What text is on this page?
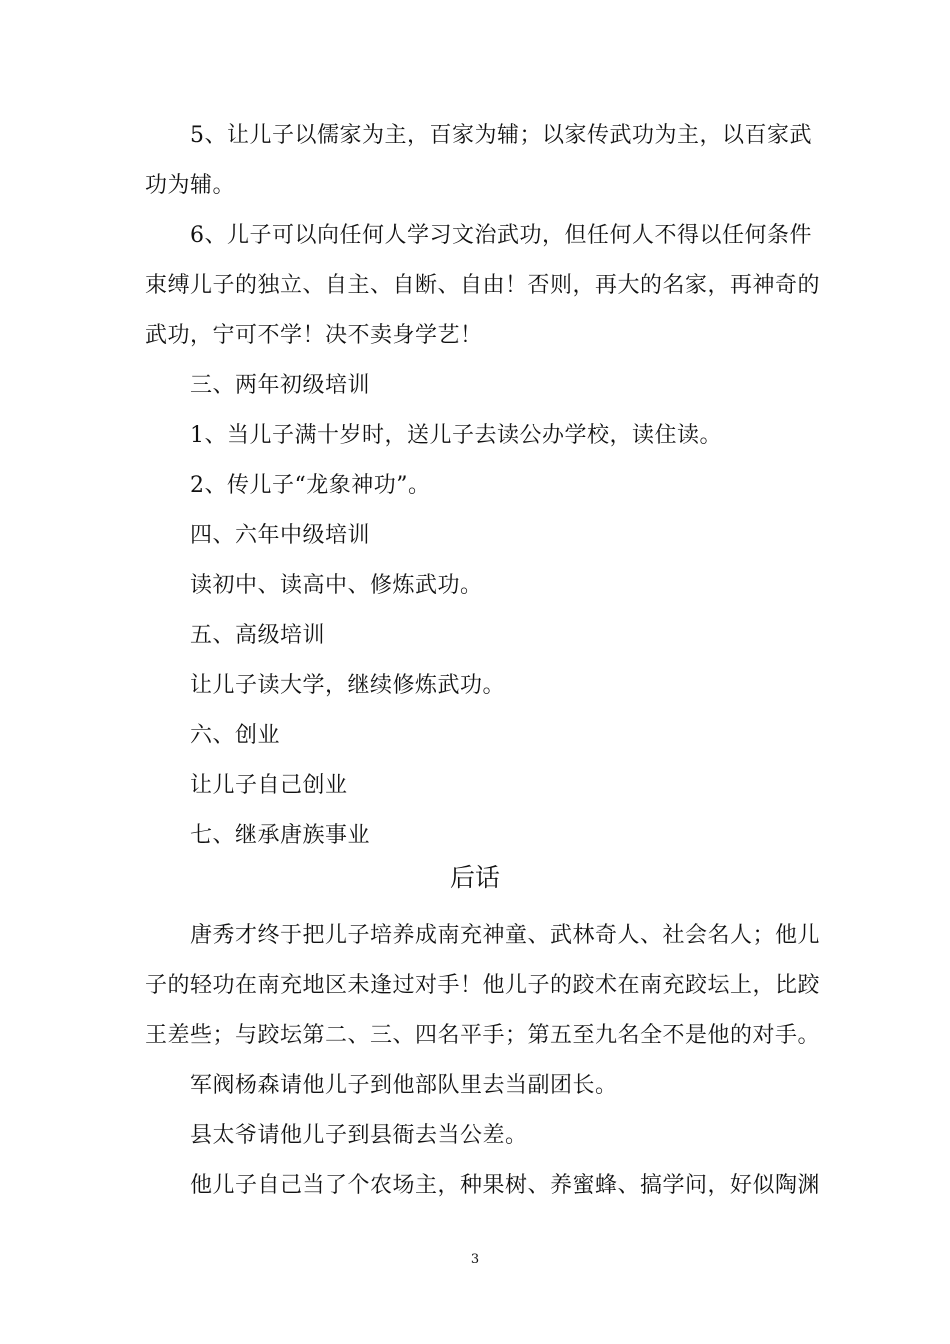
5、让儿子以儒家为主，百家为辅；以家传武功为主，以百家武
功为辅。
6、儿子可以向任何人学习文治武功，但任何人不得以任何条件
束缚儿子的独立、自主、自断、自由！否则，再大的名家，再神奇的
武功，宁可不学！决不卖身学艺！
三、两年初级培训
1、当儿子满十岁时，送儿子去读公办学校，读住读。
2、传儿子“龙象神功”。
四、六年中级培训
读初中、读高中、修炼武功。
五、高级培训
让儿子读大学，继续修炼武功。
六、创业
让儿子自己创业
七、继承唐族事业
后话
唐秀才终于把儿子培养成南充神童、武林奇人、社会名人；他儿
子的轻功在南充地区未逢过对手！他儿子的跤术在南充跤坛上，比跤
王差些；与跤坛第二、三、四名平手；第五至九名全不是他的对手。
军阀杨森请他儿子到他部队里去当副团长。
县太爷请他儿子到县衙去当公差。
他儿子自己当了个农场主，种果树、养蜜蜂、搞学问，好似陶渊
3
